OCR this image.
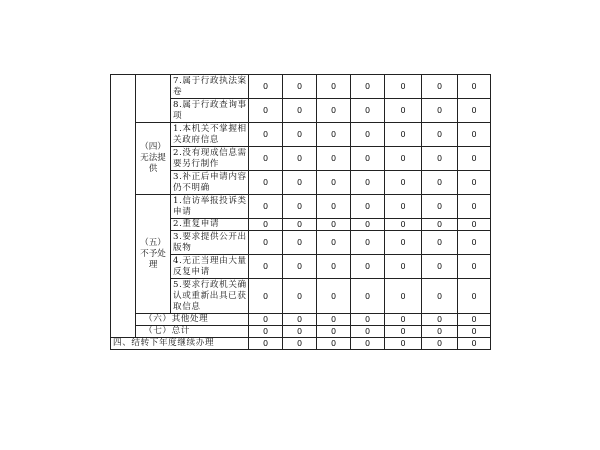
		7.属于行政执法案卷	0	0	0	0	0	0	0
		8.属于行政查询事项	0	0	0	0	0	0	0
	（四）无法提供	1.本机关不掌握相关政府信息	0	0	0	0	0	0	0
		2.没有现成信息需要另行制作	0	0	0	0	0	0	0
		3.补正后申请内容仍不明确	0	0	0	0	0	0	0
	（五）不予处理	1.信访举报投诉类申请	0	0	0	0	0	0	0
		2.重复申请	0	0	0	0	0	0	0
		3.要求提供公开出版物	0	0	0	0	0	0	0
		4.无正当理由大量反复申请	0	0	0	0	0	0	0
		5.要求行政机关确认或重新出具已获取信息	0	0	0	0	0	0	0
	（六）其他处理		0	0	0	0	0	0	0
	（七）总计		0	0	0	0	0	0	0
四、结转下年度继续办理			0	0	0	0	0	0	0
